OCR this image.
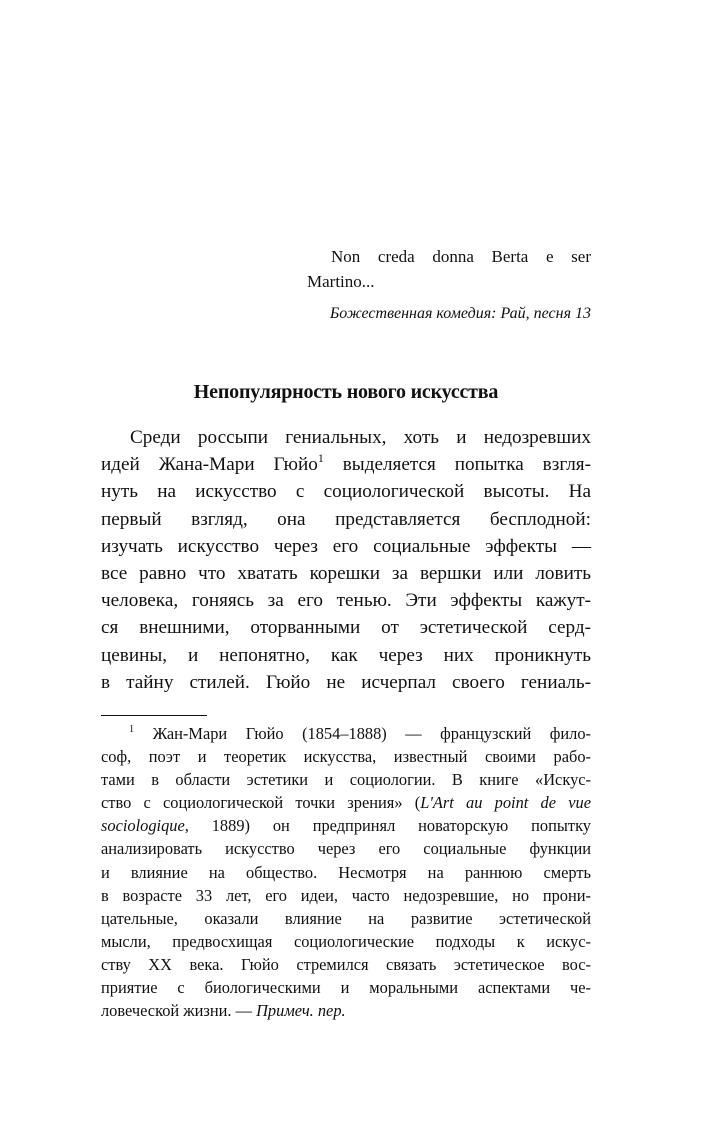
Non creda donna Berta e ser
Martino...
Божественная комедия: Рай, песня 13
Непопулярность нового искусства
Среди россыпи гениальных, хоть и недозревших
идей Жана-Мари Гюйо$^1$ выделяется попытка взгля-
нуть на искусство с социологической высоты. На
первый взгляд, она представляется бесплодной:
изучать искусство через его социальные эффекты —
все равно что хватать корешки за вершки или ловить
человека, гоняясь за его тенью. Эти эффекты кажут-
ся внешними, оторванными от эстетической серд-
цевины, и непонятно, как через них проникнуть
в тайну стилей. Гюйо не исчерпал своего гениаль-
$^1$ Жан-Мари Гюйо (1854–1888) — французский фило-
соф, поэт и теоретик искусства, известный своими рабо-
тами в области эстетики и социологии. В книге «Искус-
ство с социологической точки зрения» (L'Art au point de vue
sociologique, 1889) он предпринял новаторскую попытку
анализировать искусство через его социальные функции
и влияние на общество. Несмотря на раннюю смерть
в возрасте 33 лет, его идеи, часто недозревшие, но прони-
цательные, оказали влияние на развитие эстетической
мысли, предвосхищая социологические подходы к искус-
ству XX века. Гюйо стремился связать эстетическое вос-
приятие с биологическими и моральными аспектами че-
ловеческой жизни. — Примеч. пер.
